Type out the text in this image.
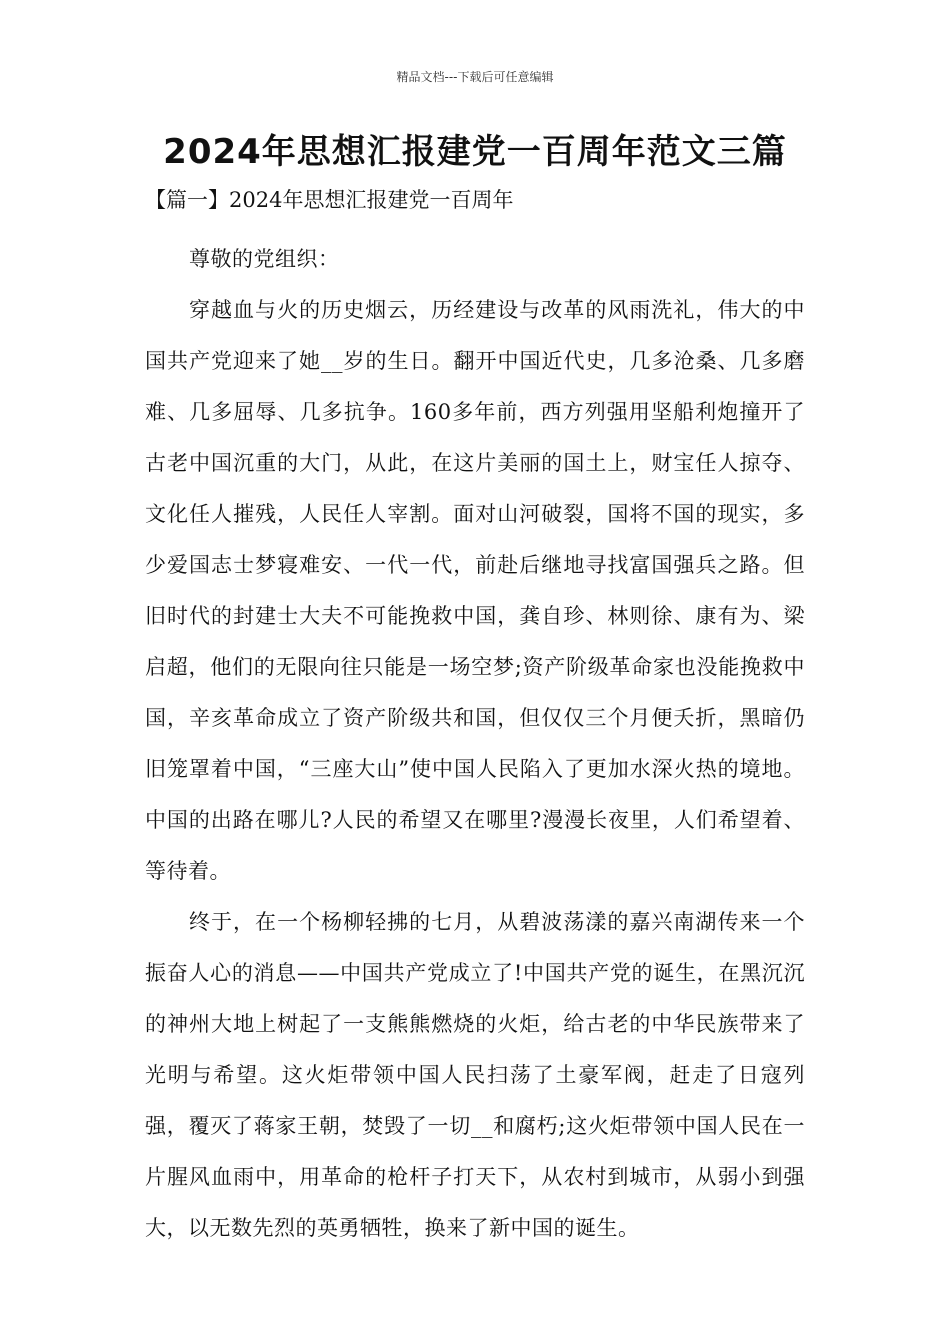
精品文档---下载后可任意编辑
2024年思想汇报建党一百周年范文三篇

【篇一】2024年思想汇报建党一百周年

尊敬的党组织：

穿越血与火的历史烟云，历经建设与改革的风雨洗礼，伟大的中国共产党迎来了她__岁的生日。翻开中国近代史，几多沧桑、几多磨难、几多屈辱、几多抗争。160多年前，西方列强用坚船利炮撞开了古老中国沉重的大门，从此，在这片美丽的国土上，财宝任人掠夺、文化任人摧残，人民任人宰割。面对山河破裂，国将不国的现实，多少爱国志士梦寝难安、一代一代，前赴后继地寻找富国强兵之路。但旧时代的封建士大夫不可能挽救中国，龚自珍、林则徐、康有为、梁启超，他们的无限向往只能是一场空梦;资产阶级革命家也没能挽救中国，辛亥革命成立了资产阶级共和国，但仅仅三个月便夭折，黑暗仍旧笼罩着中国，“三座大山”使中国人民陷入了更加水深火热的境地。中国的出路在哪儿?人民的希望又在哪里?漫漫长夜里，人们希望着、等待着。

终于，在一个杨柳轻拂的七月，从碧波荡漾的嘉兴南湖传来一个振奋人心的消息——中国共产党成立了!中国共产党的诞生，在黑沉沉的神州大地上树起了一支熊熊燃烧的火炬，给古老的中华民族带来了光明与希望。这火炬带领中国人民扫荡了土豪军阀，赶走了日寇列强，覆灭了蒋家王朝，焚毁了一切__和腐朽;这火炬带领中国人民在一片腥风血雨中，用革命的枪杆子打天下，从农村到城市，从弱小到强大，以无数先烈的英勇牺牲，换来了新中国的诞生。
